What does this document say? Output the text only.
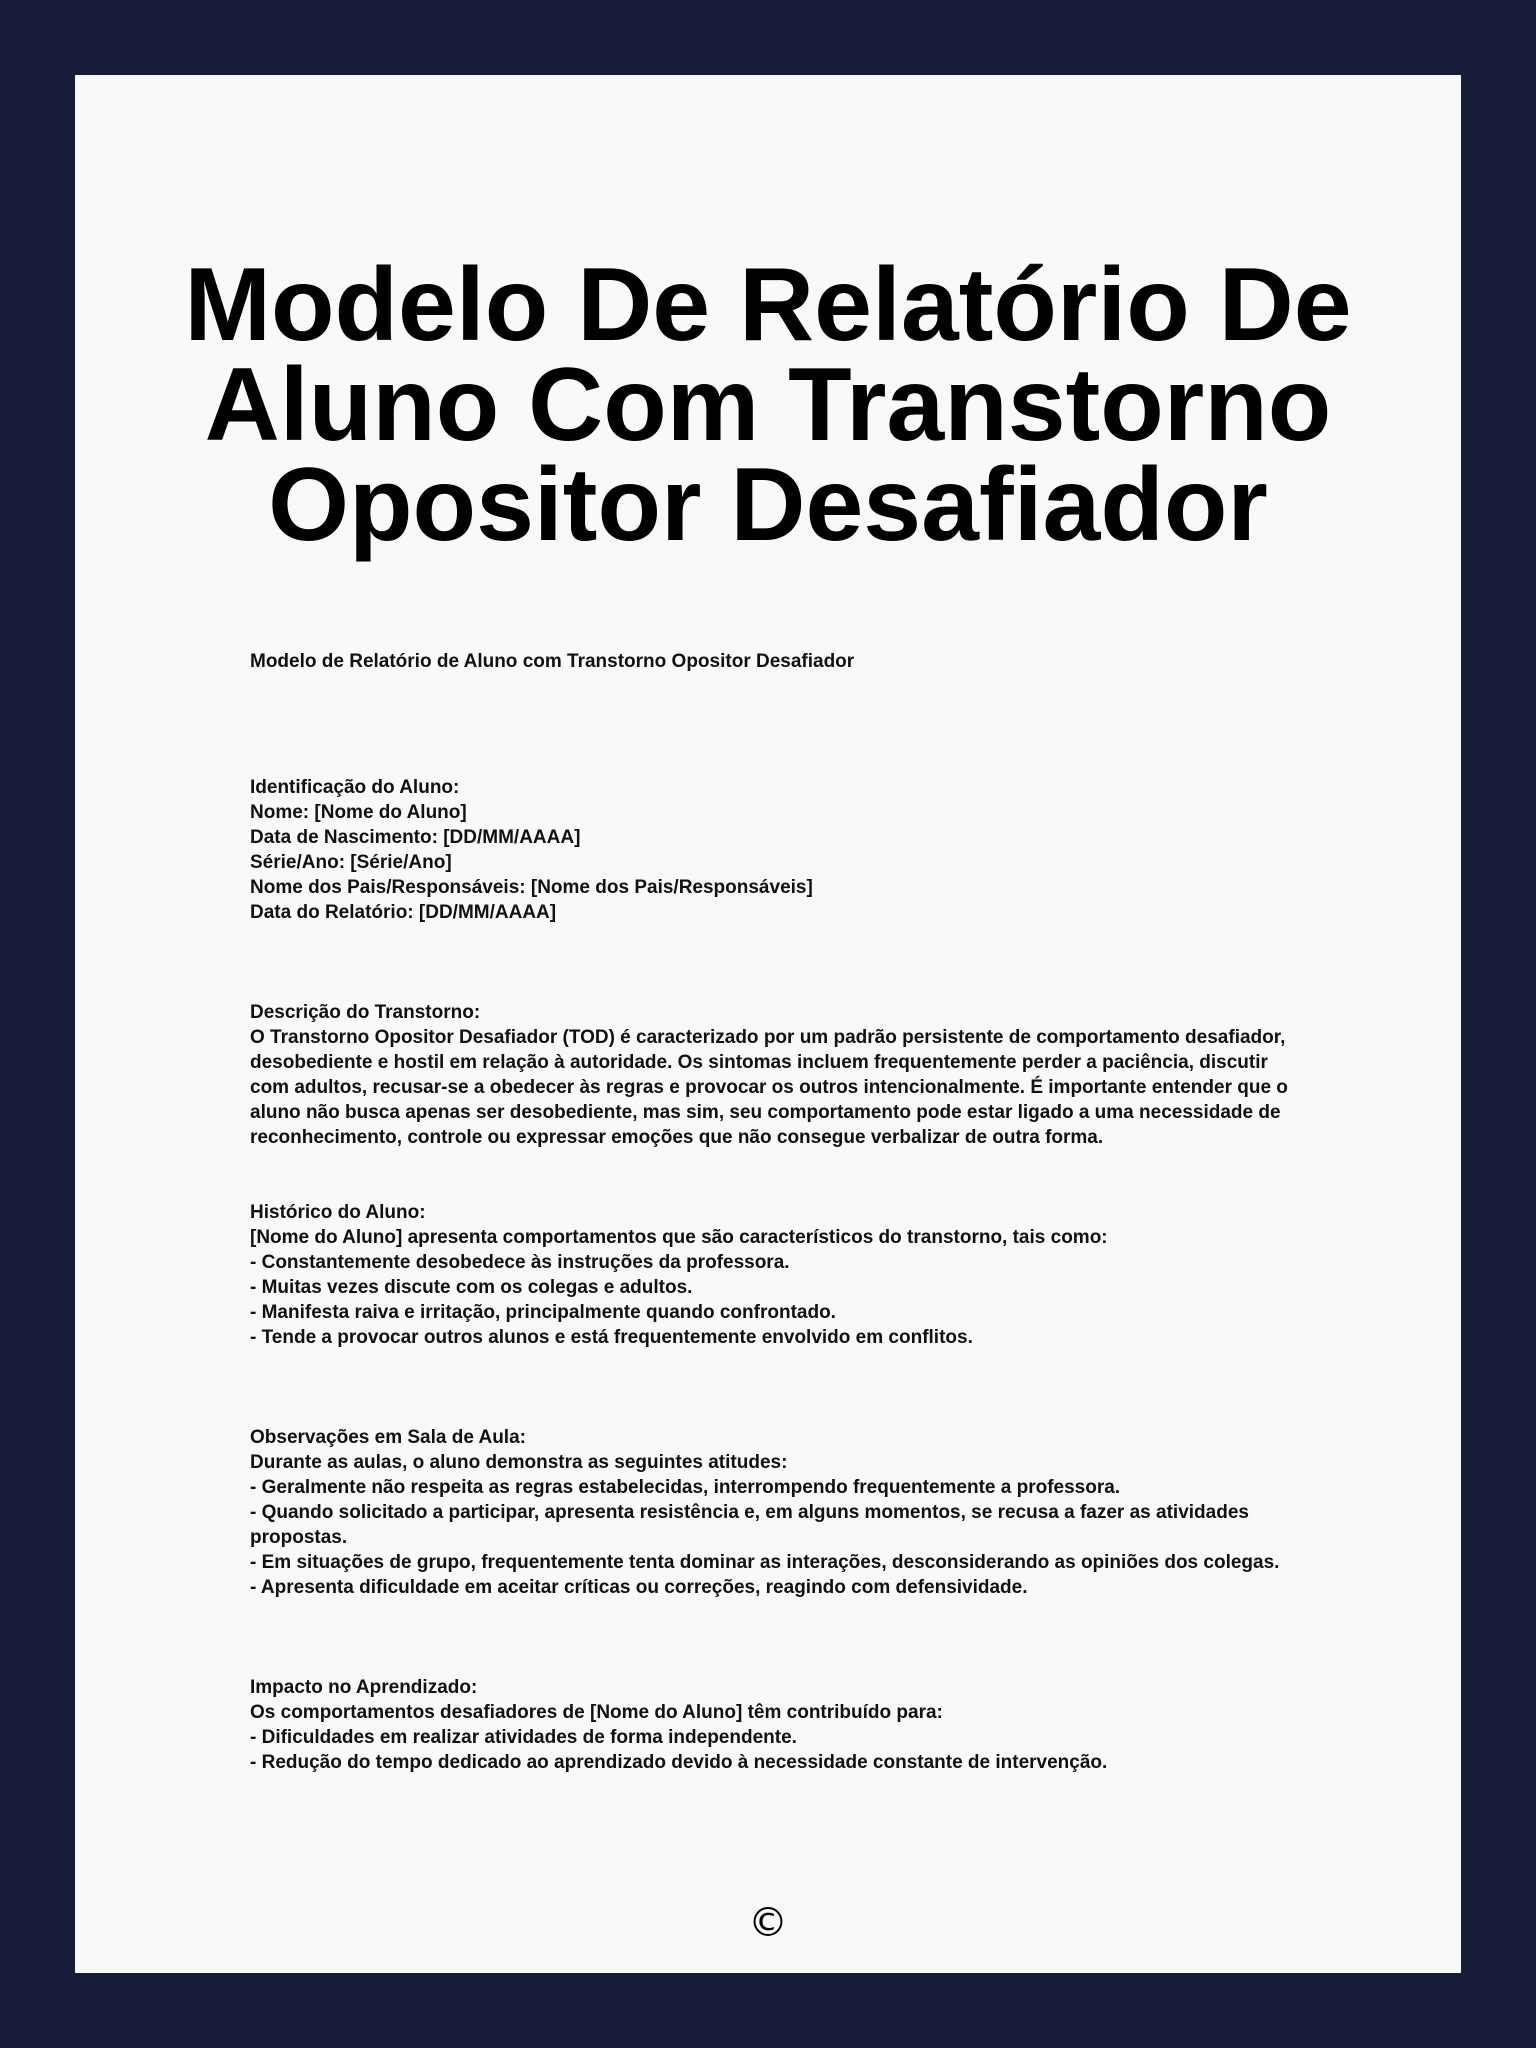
Modelo De Relatório De Aluno Com Transtorno Opositor Desafiador

Modelo de Relatório de Aluno com Transtorno Opositor Desafiador

Identificação do Aluno:
Nome: [Nome do Aluno]
Data de Nascimento: [DD/MM/AAAA]
Série/Ano: [Série/Ano]
Nome dos Pais/Responsáveis: [Nome dos Pais/Responsáveis]
Data do Relatório: [DD/MM/AAAA]
Descrição do Transtorno:
O Transtorno Opositor Desafiador (TOD) é caracterizado por um padrão persistente de comportamento desafiador, desobediente e hostil em relação à autoridade. Os sintomas incluem frequentemente perder a paciência, discutir com adultos, recusar-se a obedecer às regras e provocar os outros intencionalmente. É importante entender que o aluno não busca apenas ser desobediente, mas sim, seu comportamento pode estar ligado a uma necessidade de reconhecimento, controle ou expressar emoções que não consegue verbalizar de outra forma.
Histórico do Aluno:
[Nome do Aluno] apresenta comportamentos que são característicos do transtorno, tais como:
- Constantemente desobedece às instruções da professora.
- Muitas vezes discute com os colegas e adultos.
- Manifesta raiva e irritação, principalmente quando confrontado.
- Tende a provocar outros alunos e está frequentemente envolvido em conflitos.
Observações em Sala de Aula:
Durante as aulas, o aluno demonstra as seguintes atitudes:
- Geralmente não respeita as regras estabelecidas, interrompendo frequentemente a professora.
- Quando solicitado a participar, apresenta resistência e, em alguns momentos, se recusa a fazer as atividades propostas.
- Em situações de grupo, frequentemente tenta dominar as interações, desconsiderando as opiniões dos colegas.
- Apresenta dificuldade em aceitar críticas ou correções, reagindo com defensividade.
Impacto no Aprendizado:
Os comportamentos desafiadores de [Nome do Aluno] têm contribuído para:
- Dificuldades em realizar atividades de forma independente.
- Redução do tempo dedicado ao aprendizado devido à necessidade constante de intervenção.
©
